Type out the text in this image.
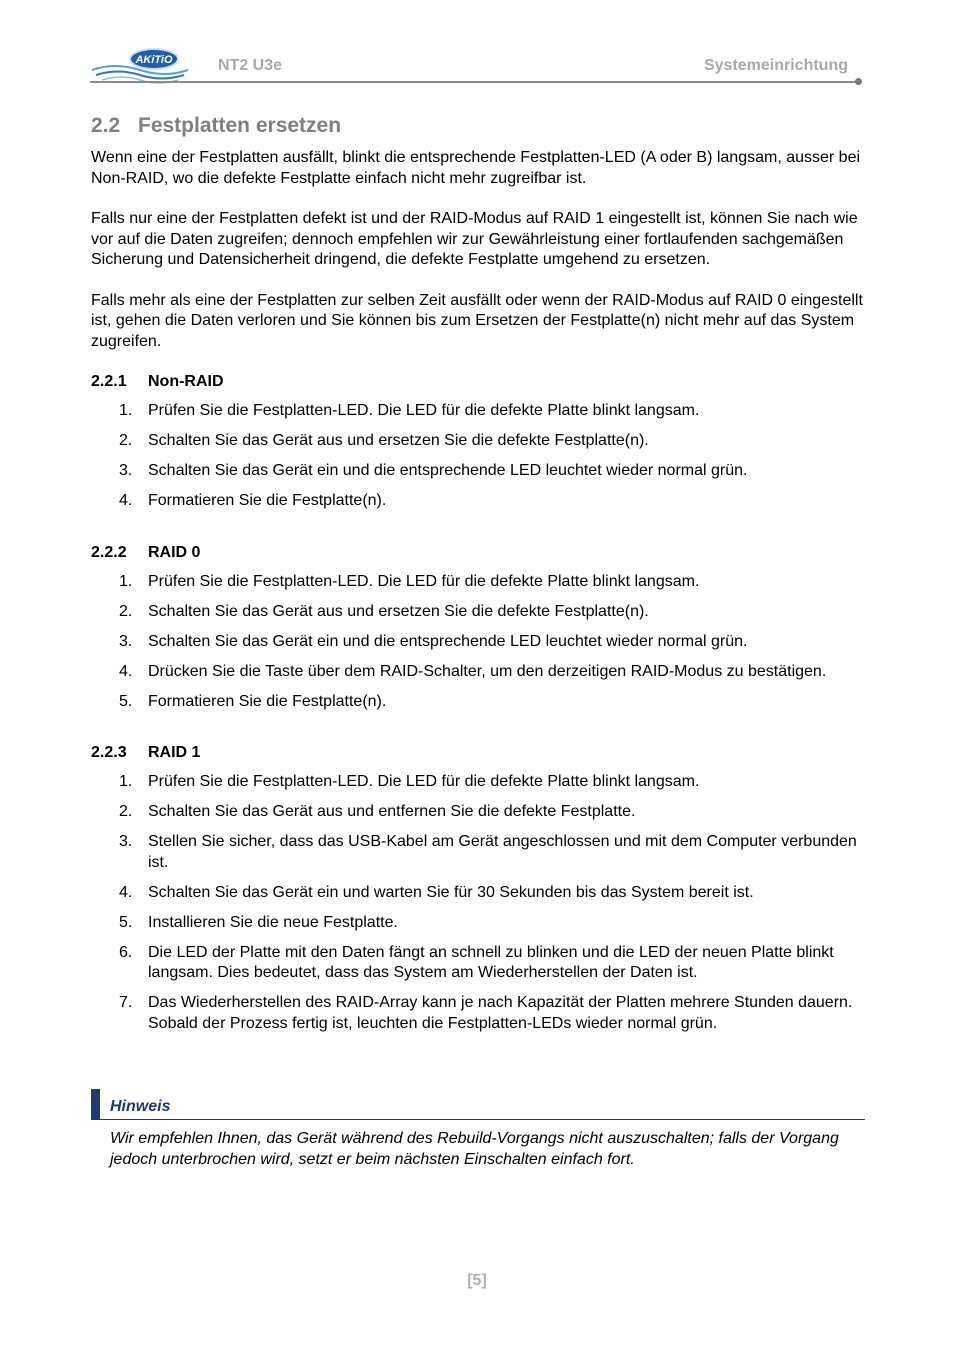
AKiTiO	NT2 U3e	Systemeinrichtung
2.2 Festplatten ersetzen

Wenn eine der Festplatten ausfällt, blinkt die entsprechende Festplatten-LED (A oder B) langsam, ausser bei Non-RAID, wo die defekte Festplatte einfach nicht mehr zugreifbar ist.

Falls nur eine der Festplatten defekt ist und der RAID-Modus auf RAID 1 eingestellt ist, können Sie nach wie vor auf die Daten zugreifen; dennoch empfehlen wir zur Gewährleistung einer fortlaufenden sachgemäßen Sicherung und Datensicherheit dringend, die defekte Festplatte umgehend zu ersetzen.

Falls mehr als eine der Festplatten zur selben Zeit ausfällt oder wenn der RAID-Modus auf RAID 0 eingestellt ist, gehen die Daten verloren und Sie können bis zum Ersetzen der Festplatte(n) nicht mehr auf das System zugreifen.

2.2.1 Non-RAID
1. Prüfen Sie die Festplatten-LED. Die LED für die defekte Platte blinkt langsam.
2. Schalten Sie das Gerät aus und ersetzen Sie die defekte Festplatte(n).
3. Schalten Sie das Gerät ein und die entsprechende LED leuchtet wieder normal grün.
4. Formatieren Sie die Festplatte(n).
2.2.2 RAID 0
1. Prüfen Sie die Festplatten-LED. Die LED für die defekte Platte blinkt langsam.
2. Schalten Sie das Gerät aus und ersetzen Sie die defekte Festplatte(n).
3. Schalten Sie das Gerät ein und die entsprechende LED leuchtet wieder normal grün.
4. Drücken Sie die Taste über dem RAID-Schalter, um den derzeitigen RAID-Modus zu bestätigen.
5. Formatieren Sie die Festplatte(n).
2.2.3 RAID 1
1. Prüfen Sie die Festplatten-LED. Die LED für die defekte Platte blinkt langsam.
2. Schalten Sie das Gerät aus und entfernen Sie die defekte Festplatte.
3. Stellen Sie sicher, dass das USB-Kabel am Gerät angeschlossen und mit dem Computer verbunden ist.
4. Schalten Sie das Gerät ein und warten Sie für 30 Sekunden bis das System bereit ist.
5. Installieren Sie die neue Festplatte.
6. Die LED der Platte mit den Daten fängt an schnell zu blinken und die LED der neuen Platte blinkt langsam. Dies bedeutet, dass das System am Wiederherstellen der Daten ist.
7. Das Wiederherstellen des RAID-Array kann je nach Kapazität der Platten mehrere Stunden dauern. Sobald der Prozess fertig ist, leuchten die Festplatten-LEDs wieder normal grün.
Hinweis
Wir empfehlen Ihnen, das Gerät während des Rebuild-Vorgangs nicht auszuschalten; falls der Vorgang jedoch unterbrochen wird, setzt er beim nächsten Einschalten einfach fort.
[5]
